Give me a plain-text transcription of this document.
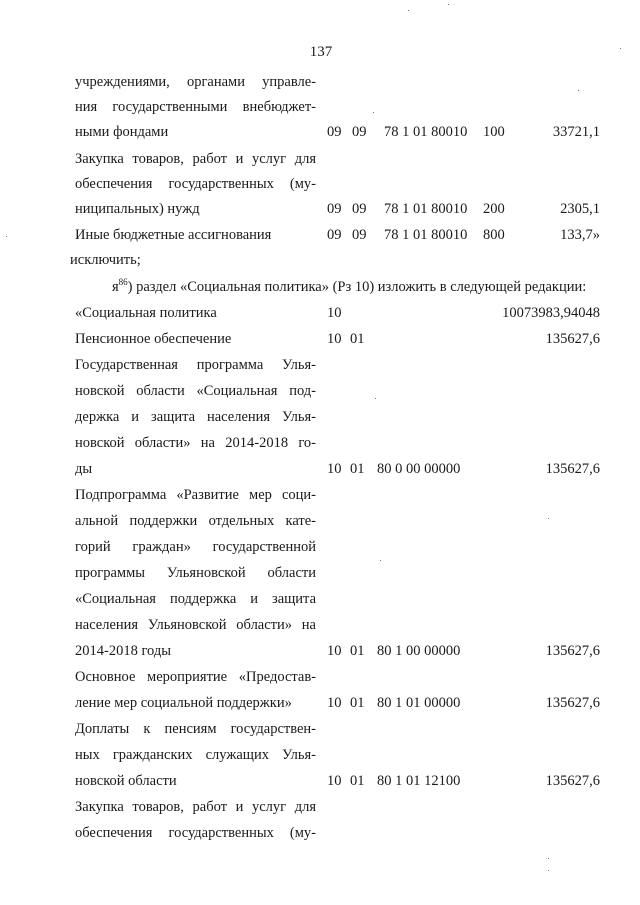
137
учреждениями, органами управле-
ния государственными внебюджет-
ными фондами	09 09 78 1 01 80010 100	33721,1
Закупка товаров, работ и услуг для
обеспечения государственных (му-
ниципальных) нужд	09 09 78 1 01 80010 200	2305,1
Иные бюджетные ассигнования	09 09 78 1 01 80010 800	133,7»
исключить;
$я^{86}$) раздел «Социальная политика» (Рз 10) изложить в следующей редакции:
«Социальная политика	10	10073983,94048
Пенсионное обеспечение	10 01	135627,6
Государственная программа Улья-
новской области «Социальная под-
держка и защита населения Улья-
новской области» на 2014-2018 го-
ды	10 01 80 0 00 00000	135627,6
Подпрограмма «Развитие мер соци-
альной поддержки отдельных кате-
горий граждан» государственной
программы Ульяновской области
«Социальная поддержка и защита
населения Ульяновской области» на
2014-2018 годы	10 01 80 1 00 00000	135627,6
Основное мероприятие «Предостав-
ление мер социальной поддержки» 10 01 80 1 01 00000	135627,6
Доплаты к пенсиям государствен-
ных гражданских служащих Улья-
новской области	10 01 80 1 01 12100	135627,6
Закупка товаров, работ и услуг для
обеспечения государственных (му-
